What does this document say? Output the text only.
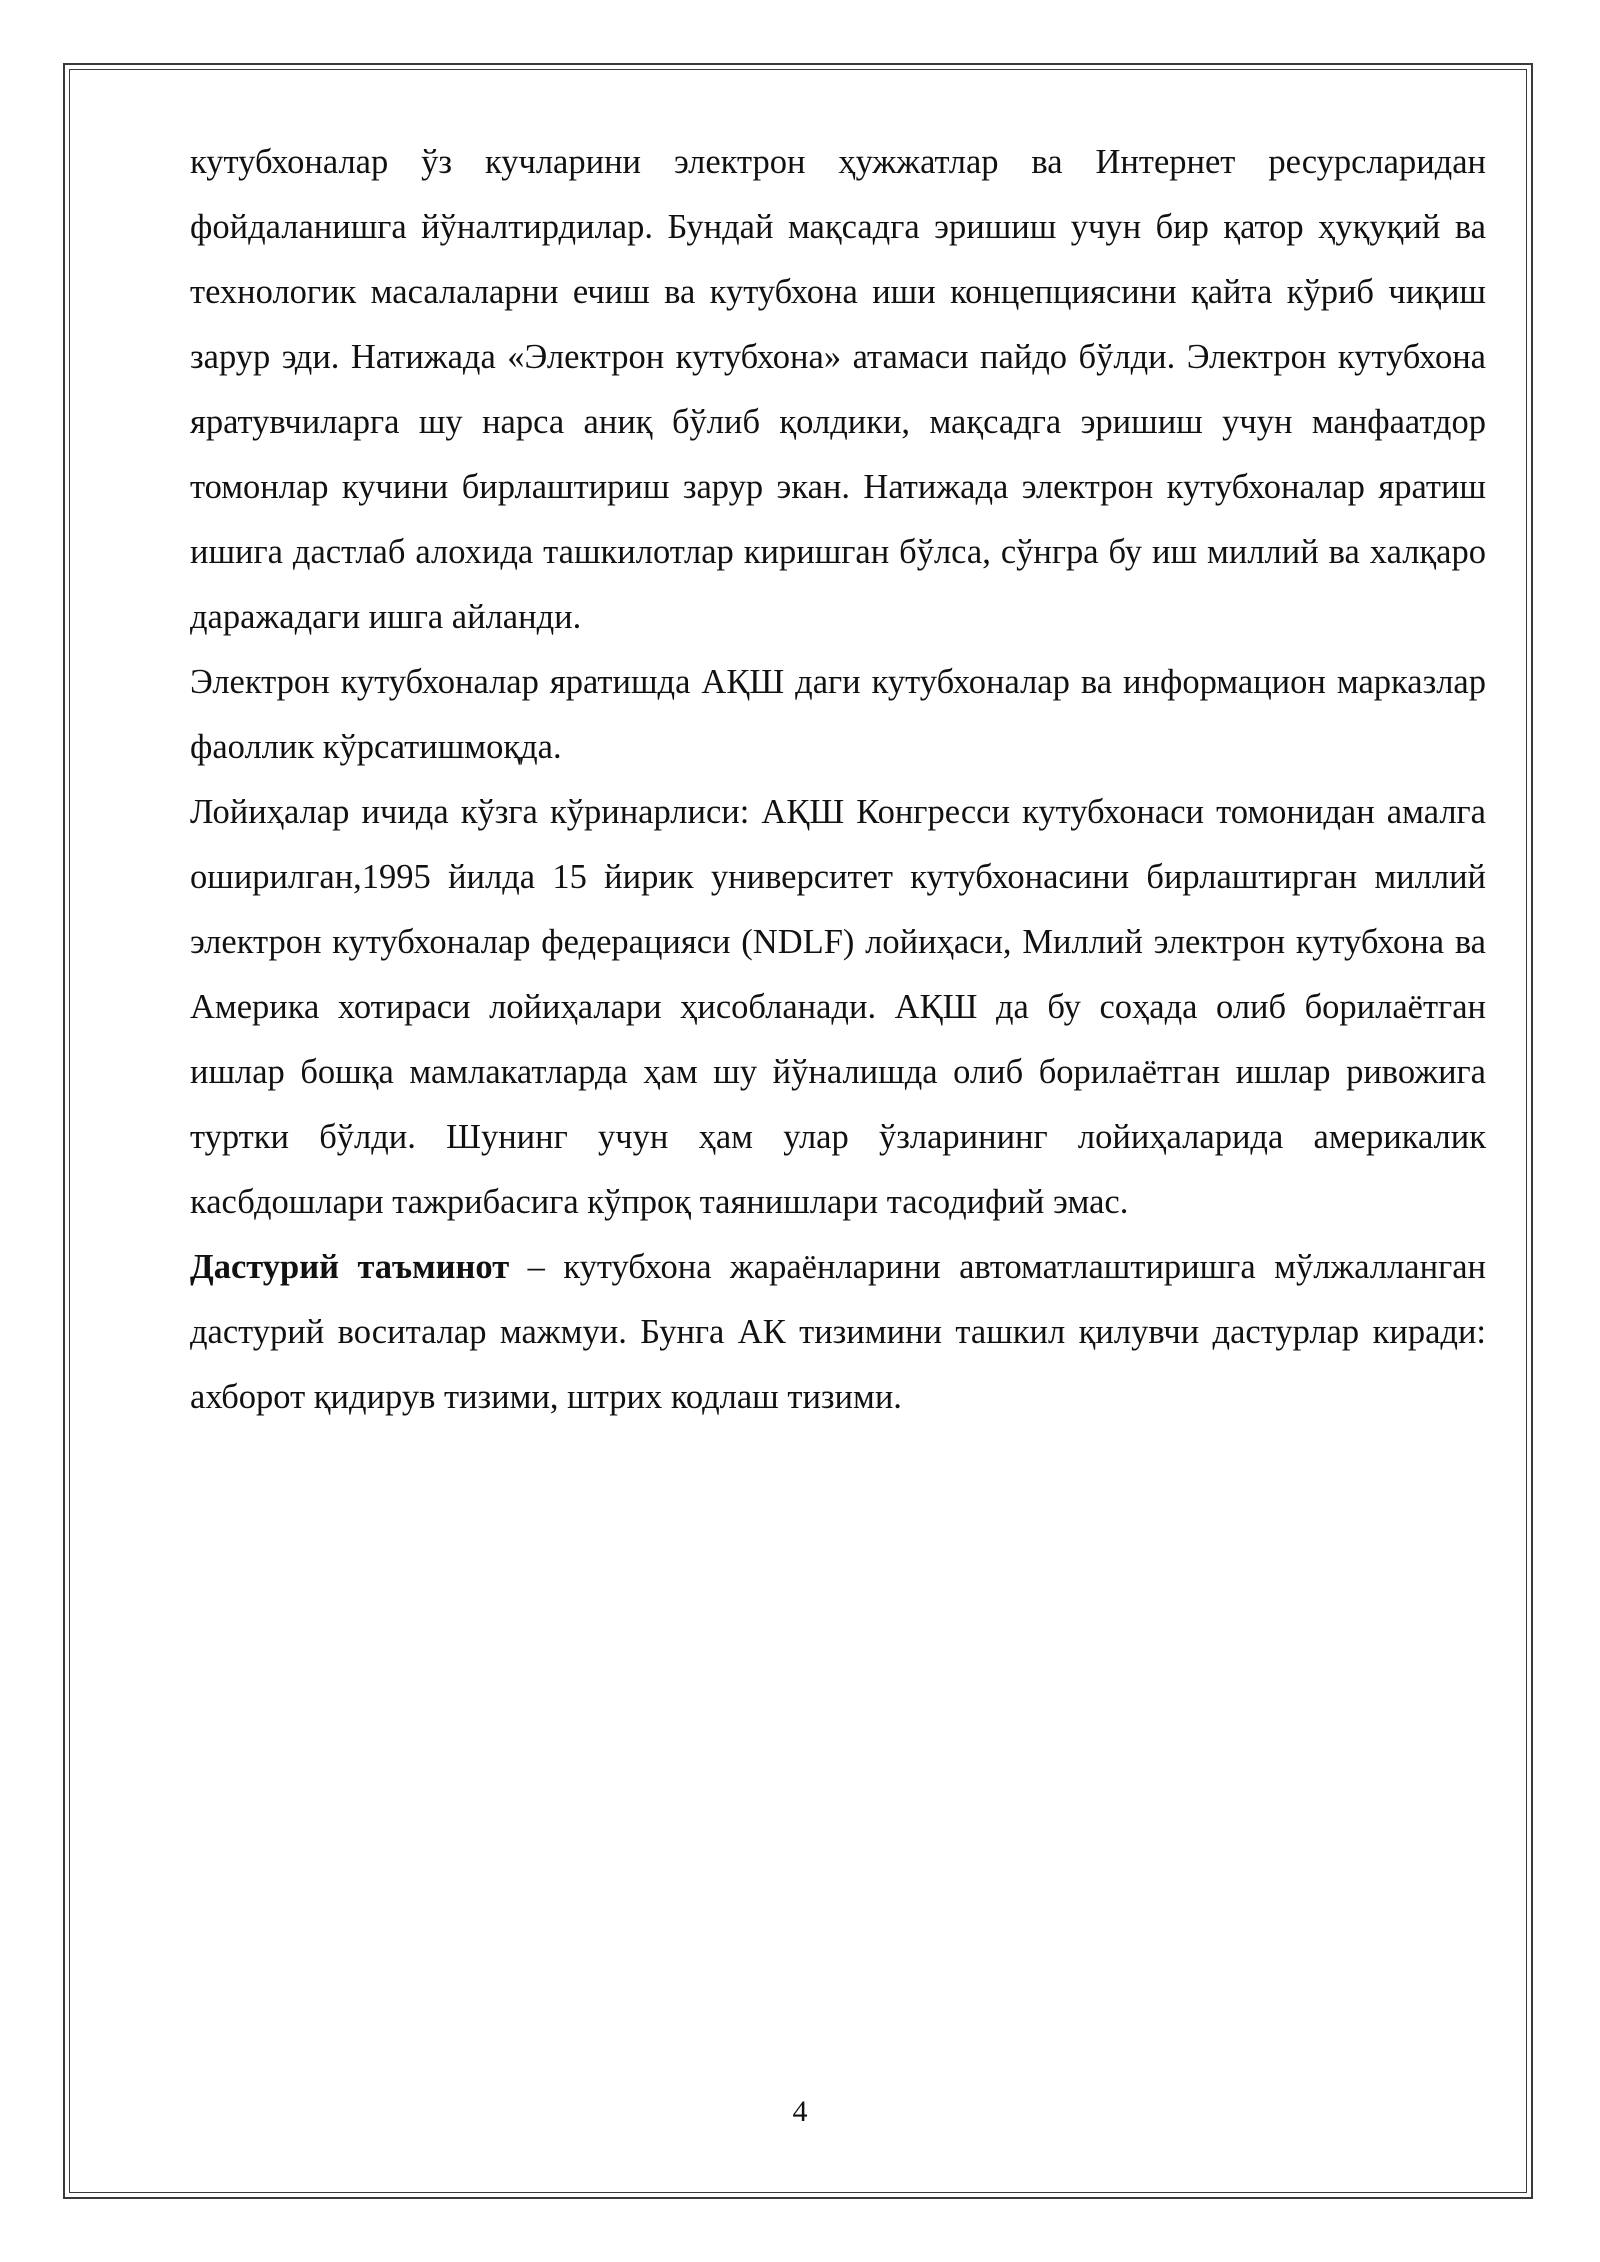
кутубхоналар ўз кучларини электрон ҳужжатлар ва Интернет ресурсларидан фойдаланишга йўналтирдилар. Бундай мақсадга эришиш учун бир қатор ҳуқуқий ва технологик масалаларни ечиш ва кутубхона иши концепциясини қайта кўриб чиқиш зарур эди. Натижада «Электрон кутубхона» атамаси пайдо бўлди. Электрон кутубхона яратувчиларга шу нарса аниқ бўлиб қолдики, мақсадга эришиш учун манфаатдор томонлар кучини бирлаштириш зарур экан. Натижада электрон кутубхоналар яратиш ишига дастлаб алохида ташкилотлар киришган бўлса, сўнгра бу иш миллий ва халқаро даражадаги ишга айланди.

Электрон кутубхоналар яратишда АҚШ даги кутубхоналар ва информацион марказлар фаоллик кўрсатишмоқда.

Лойиҳалар ичида кўзга кўринарлиси: АҚШ Конгресси кутубхонаси томонидан амалга оширилган,1995 йилда 15 йирик университет кутубхонасини бирлаштирган миллий электрон кутубхоналар федерацияси (NDLF) лойиҳаси, Миллий электрон кутубхона ва Америка хотираси лойиҳалари ҳисобланади. АҚШ да бу соҳада олиб борилаётган ишлар бошқа мамлакатларда ҳам шу йўналишда олиб борилаётган ишлар ривожига туртки бўлди. Шунинг учун ҳам улар ўзларининг лойиҳаларида америкалик касбдошлари тажрибасига кўпроқ таянишлари тасодифий эмас.

Дастурий таъминот – кутубхона жараёнларини автоматлаштиришга мўлжалланган дастурий воситалар мажмуи. Бунга АК тизимини ташкил қилувчи дастурлар киради: ахборот қидирув тизими, штрих кодлаш тизими.

4
